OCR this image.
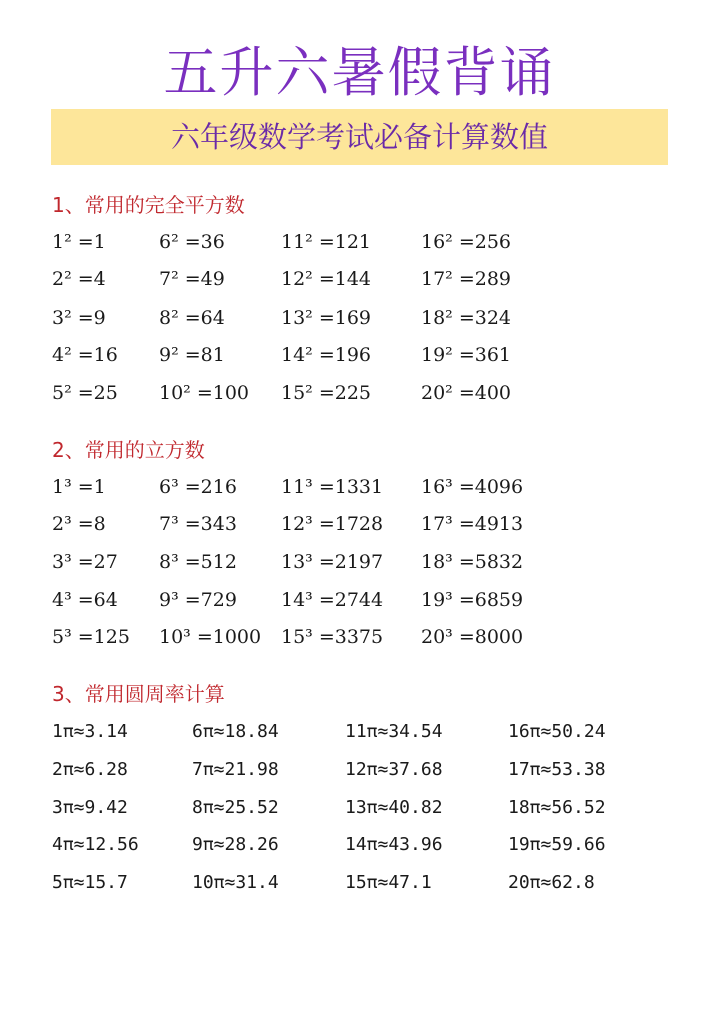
五升六暑假背诵
六年级数学考试必备计算数值
1、常用的完全平方数
1² =1	6² =36	11² =121	16² =256
2² =4	7² =49	12² =144	17² =289
3² =9	8² =64	13² =169	18² =324
4² =16 9² =81	14² =196	19² =361
5² =25 10² =100 15² =225	20² =400
2、常用的立方数
1³ =1	6³ =216 11³ =1331 16³ =4096
2³ =8	7³ =343 12³ =1728 17³ =4913
3³ =27 8³ =512 13³ =2197 18³ =5832
4³ =64 9³ =729 14³ =2744 19³ =6859
5³ =125 10³ =1000 15³ =3375 20³ =8000
3、常用圆周率计算
1π≈3.14	6π≈18.84	11π≈34.54	16π≈50.24
2π≈6.28	7π≈21.98	12π≈37.68	17π≈53.38
3π≈9.42	8π≈25.52	13π≈40.82	18π≈56.52
4π≈12.56	9π≈28.26	14π≈43.96	19π≈59.66
5π≈15.7	10π≈31.4	15π≈47.1	20π≈62.8
